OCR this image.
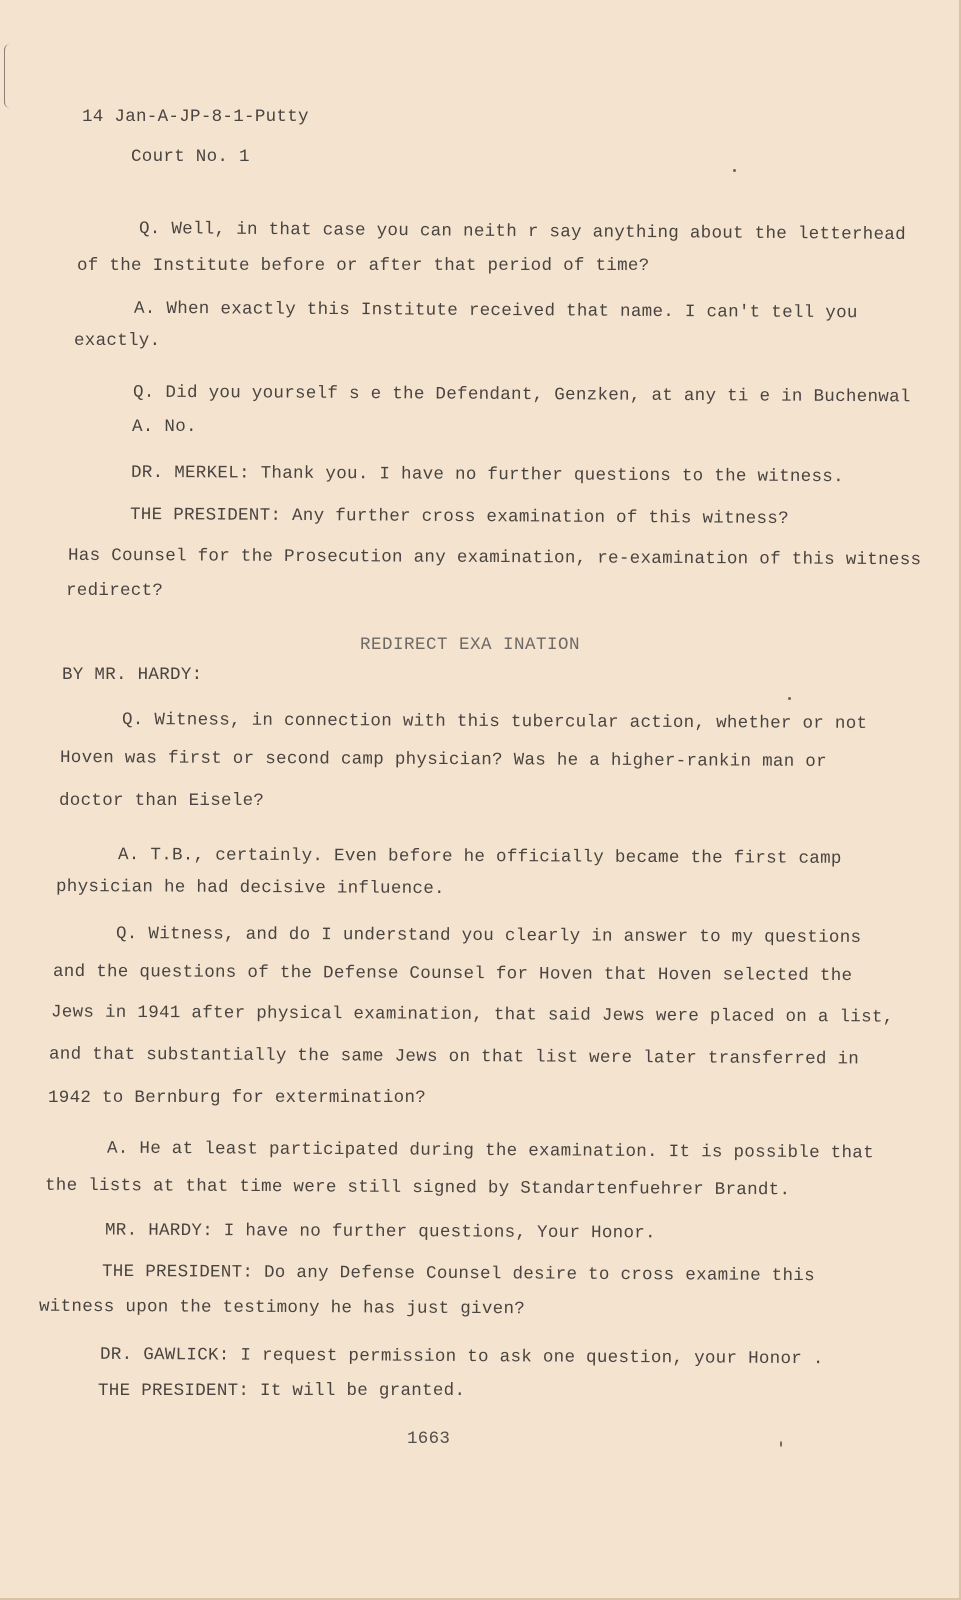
14 Jan-A-JP-8-1-Putty
Court No. 1
Q. Well, in that case you can neith r say anything about the letterhead
of the Institute before or after that period of time?
A. When exactly this Institute received that name. I can't tell you
exactly.
Q. Did you yourself s e the Defendant, Genzken, at any ti e in Buchenwal
A. No.
DR. MERKEL: Thank you. I have no further questions to the witness.
THE PRESIDENT: Any further cross examination of this witness?
Has Counsel for the Prosecution any examination, re-examination of this witness
redirect?
REDIRECT EXA INATION
BY MR. HARDY:
Q. Witness, in connection with this tubercular action, whether or not
Hoven was first or second camp physician? Was he a higher-rankin man or
doctor than Eisele?
A. T.B., certainly. Even before he officially became the first camp
physician he had decisive influence.
Q. Witness, and do I understand you clearly in answer to my questions
and the questions of the Defense Counsel for Hoven that Hoven selected the
Jews in 1941 after physical examination, that said Jews were placed on a list,
and that substantially the same Jews on that list were later transferred in
1942 to Bernburg for extermination?
A. He at least participated during the examination. It is possible that
the lists at that time were still signed by Standartenfuehrer Brandt.
MR. HARDY: I have no further questions, Your Honor.
THE PRESIDENT: Do any Defense Counsel desire to cross examine this
witness upon the testimony he has just given?
DR. GAWLICK: I request permission to ask one question, your Honor .
THE PRESIDENT: It will be granted.
1663
